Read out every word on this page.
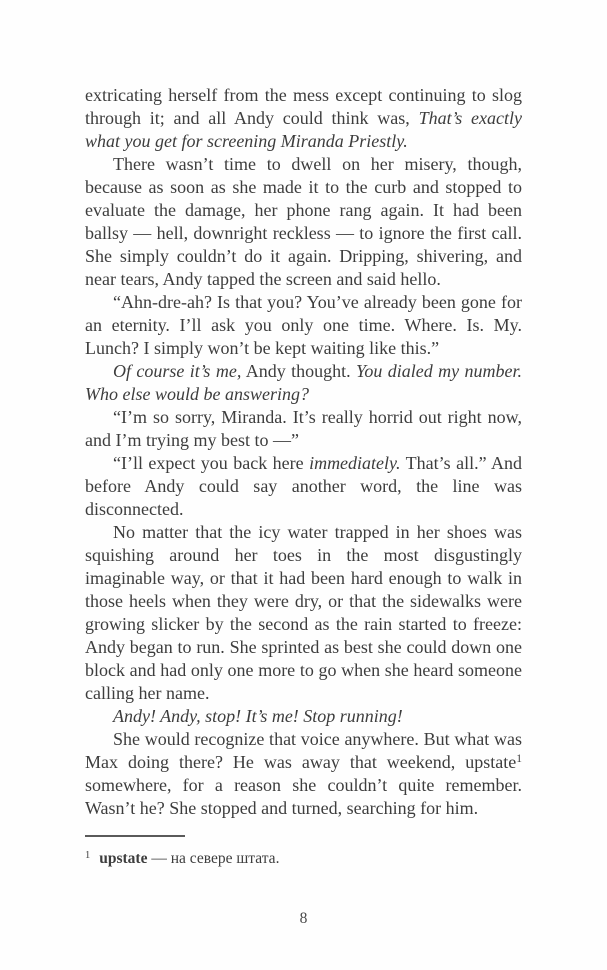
extricating herself from the mess except continuing to slog through it; and all Andy could think was, That’s exactly what you get for screening Miranda Priestly.

There wasn’t time to dwell on her misery, though, because as soon as she made it to the curb and stopped to evaluate the damage, her phone rang again. It had been ballsy — hell, downright reckless — to ignore the first call. She simply couldn’t do it again. Dripping, shivering, and near tears, Andy tapped the screen and said hello.

“Ahn-dre-ah? Is that you? You’ve already been gone for an eternity. I’ll ask you only one time. Where. Is. My. Lunch? I simply won’t be kept waiting like this.”

Of course it’s me, Andy thought. You dialed my number. Who else would be answering?

“I’m so sorry, Miranda. It’s really horrid out right now, and I’m trying my best to —”

“I’ll expect you back here immediately. That’s all.” And before Andy could say another word, the line was disconnected.

No matter that the icy water trapped in her shoes was squishing around her toes in the most disgustingly imaginable way, or that it had been hard enough to walk in those heels when they were dry, or that the sidewalks were growing slicker by the second as the rain started to freeze: Andy began to run. She sprinted as best she could down one block and had only one more to go when she heard someone calling her name.

Andy! Andy, stop! It’s me! Stop running!

She would recognize that voice anywhere. But what was Max doing there? He was away that weekend, upstate$^1$ somewhere, for a reason she couldn’t quite remember. Wasn’t he? She stopped and turned, searching for him.

$^1$ upstate — на севере штата.
8
